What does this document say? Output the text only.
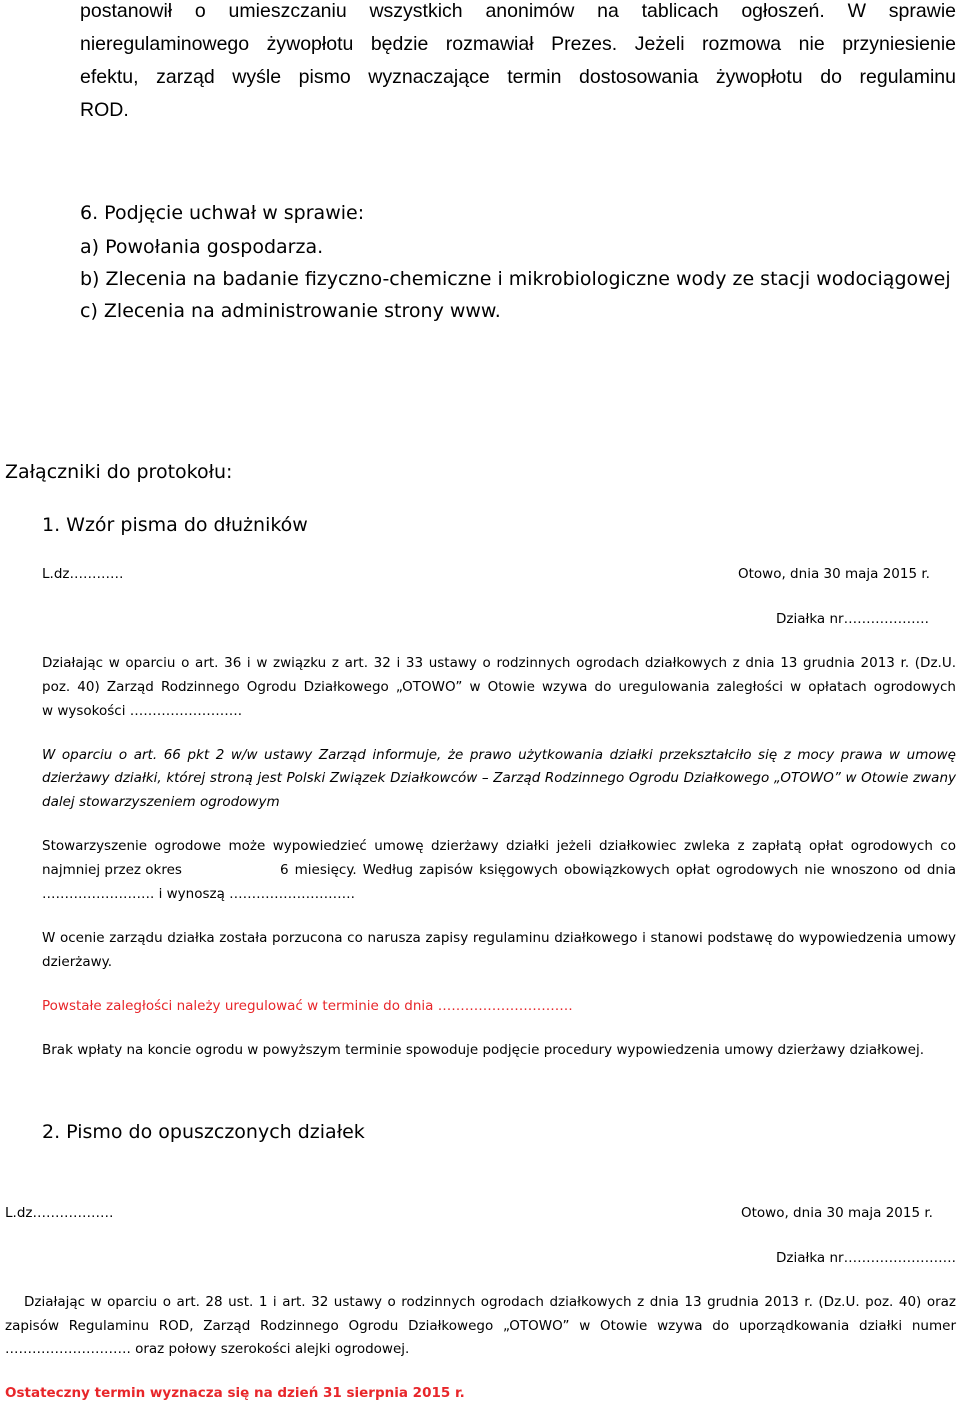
postanowił o umieszczaniu wszystkich anonimów na tablicach ogłoszeń. W sprawie
nieregulaminowego żywopłotu będzie rozmawiał Prezes. Jeżeli rozmowa nie przyniesienie
efektu, zarząd wyśle pismo wyznaczające termin dostosowania żywopłotu do regulaminu
ROD.
6. Podjęcie uchwał w sprawie:
a) Powołania gospodarza.
b) Zlecenia na badanie fizyczno-chemiczne i mikrobiologiczne wody ze stacji wodociągowej
c) Zlecenia na administrowanie strony www.
Załączniki do protokołu:
1. Wzór pisma do dłużników
L.dz…………	Otowo, dnia 30 maja 2015 r.
Działka nr……………….
Działając w oparciu o art. 36 i w związku z art. 32 i 33 ustawy o rodzinnych ogrodach działkowych z dnia 13 grudnia 2013 r. (Dz.U.
poz. 40) Zarząd Rodzinnego Ogrodu Działkowego „OTOWO” w Otowie wzywa do uregulowania zaległości w opłatach ogrodowych
w wysokości …………………….
W oparciu o art. 66 pkt 2 w/w ustawy Zarząd informuje, że prawo użytkowania działki przekształciło się z mocy prawa w umowę
dzierżawy działki, której stroną jest Polski Związek Działkowców – Zarząd Rodzinnego Ogrodu Działkowego „OTOWO” w Otowie zwany
dalej stowarzyszeniem ogrodowym
Stowarzyszenie ogrodowe może wypowiedzieć umowę dzierżawy działki jeżeli działkowiec zwleka z zapłatą opłat ogrodowych co
najmniej przez okres	6 miesięcy. Według zapisów księgowych obowiązkowych opłat ogrodowych nie wnoszono od dnia
……………………. i wynoszą ……………………….
W ocenie zarządu działka została porzucona co narusza zapisy regulaminu działkowego i stanowi podstawę do wypowiedzenia umowy
dzierżawy.
Powstałe zaległości należy uregulować w terminie do dnia …………………………
Brak wpłaty na koncie ogrodu w powyższym terminie spowoduje podjęcie procedury wypowiedzenia umowy dzierżawy działkowej.
2. Pismo do opuszczonych działek
L.dz………………	Otowo, dnia 30 maja 2015 r.
Działka nr…………………….
Działając w oparciu o art. 28 ust. 1 i art. 32 ustawy o rodzinnych ogrodach działkowych z dnia 13 grudnia 2013 r. (Dz.U. poz. 40) oraz
zapisów Regulaminu ROD, Zarząd Rodzinnego Ogrodu Działkowego „OTOWO” w Otowie wzywa do uporządkowania działki numer
………………………. oraz połowy szerokości alejki ogrodowej.
Ostateczny termin wyznacza się na dzień 31 sierpnia 2015 r.
